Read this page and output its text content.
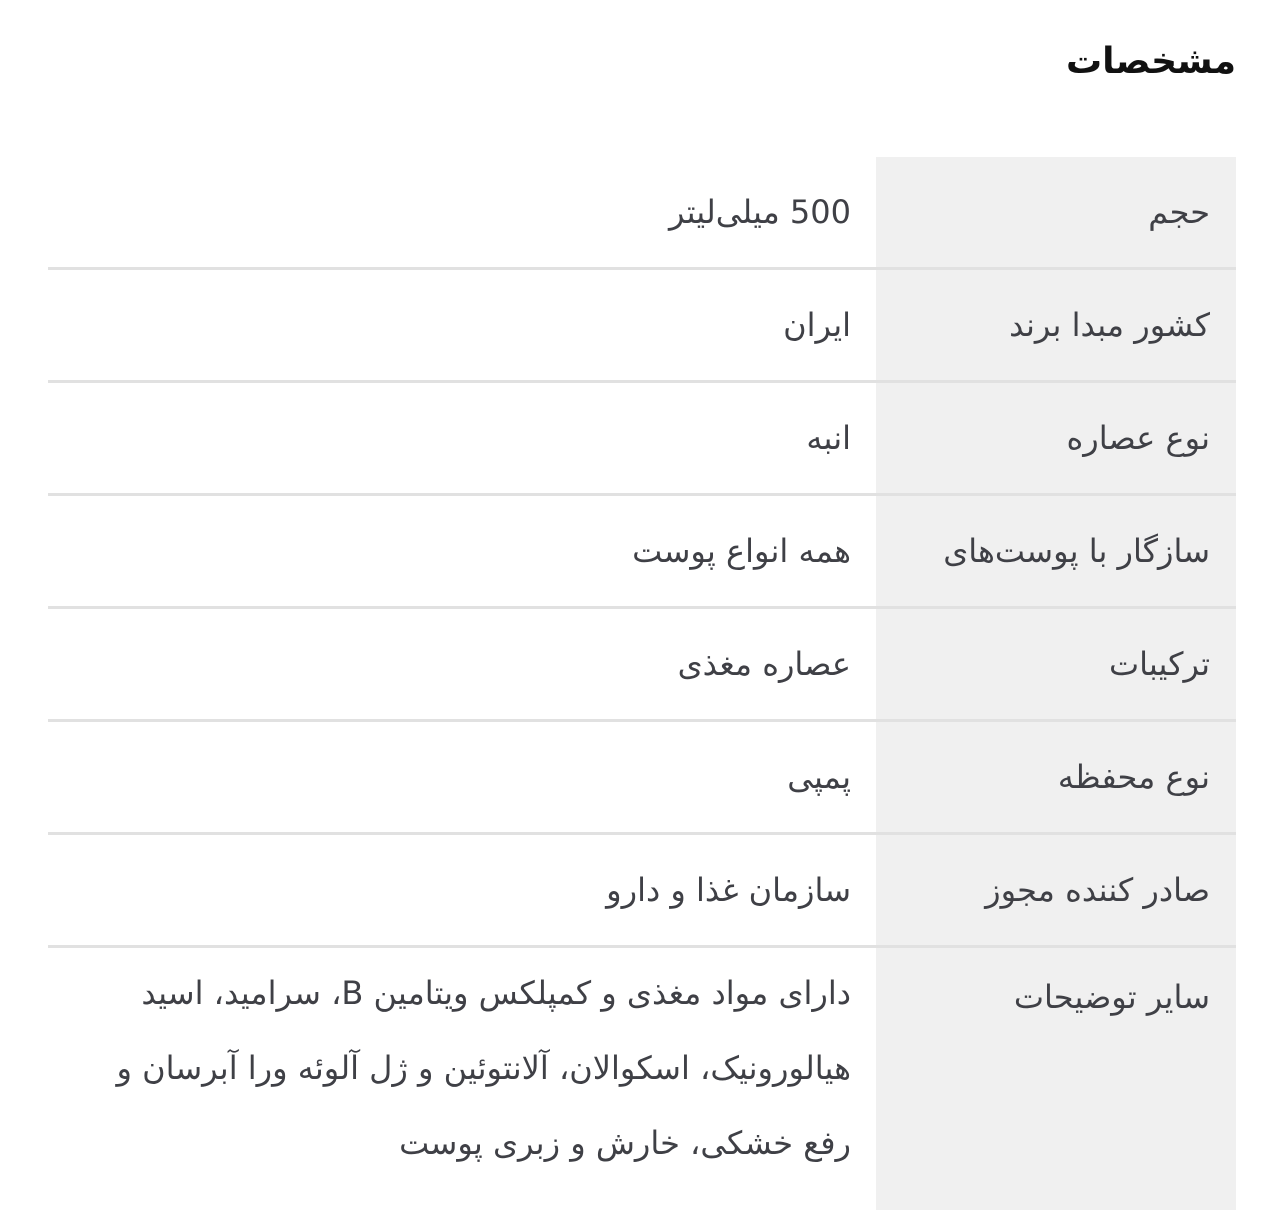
مشخصات
حجم
500 میلی‌لیتر
کشور مبدا برند
ایران
نوع عصاره
انبه
سازگار با پوست‌های
همه انواع پوست
ترکیبات
عصاره مغذی
نوع محفظه
پمپی
صادر کننده مجوز
سازمان غذا و دارو
سایر توضیحات
دارای مواد مغذی و کمپلکس ویتامین B، سرامید، اسید هیالورونیک، اسکوالان، آلانتوئین و ژل آلوئه ورا آبرسان و رفع خشکی، خارش و زبری پوست
